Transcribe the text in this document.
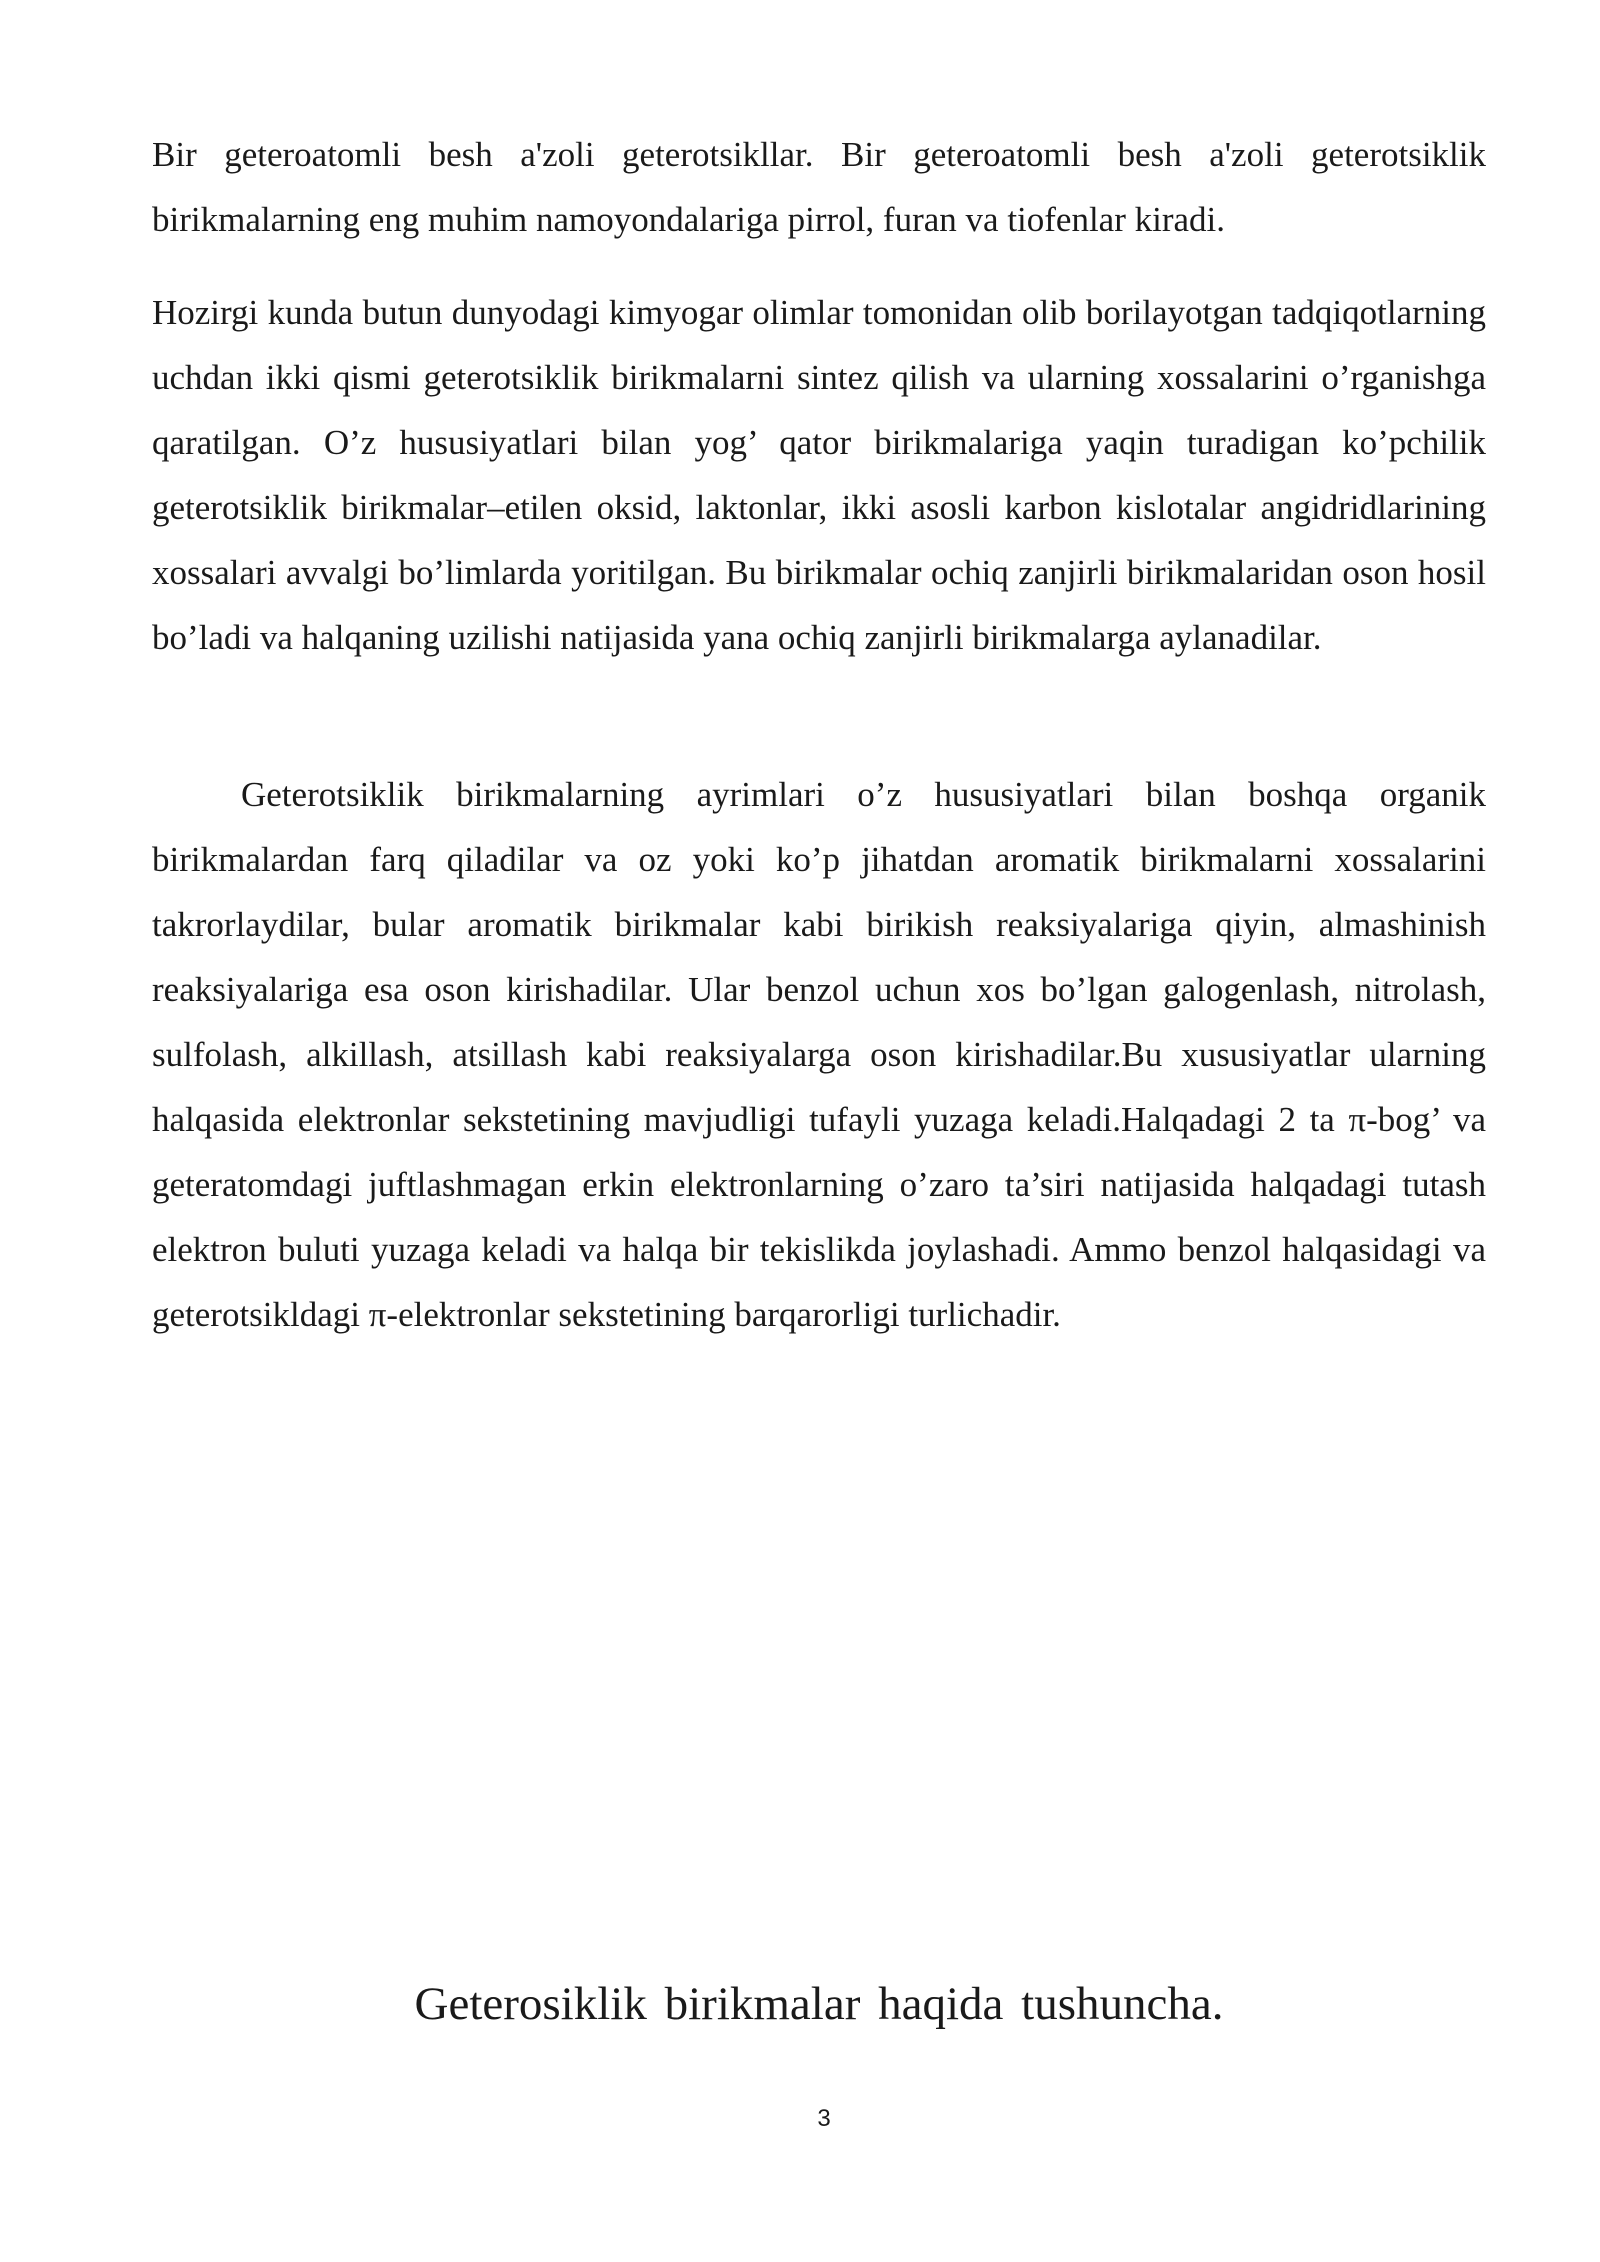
Bir geteroatomli besh a'zoli geterotsikllar. Bir geteroatomli besh a'zoli geterotsiklik birikmalarning eng muhim namoyondalariga pirrol, furan va tiofenlar kiradi.

Hozirgi kunda butun dunyodagi kimyogar olimlar tomonidan olib borilayotgan tadqiqotlarning uchdan ikki qismi geterotsiklik birikmalarni sintez qilish va ularning xossalarini o’rganishga qaratilgan. O’z hususiyatlari bilan yog’ qator birikmalariga yaqin turadigan ko’pchilik geterotsiklik birikmalar–etilen oksid, laktonlar, ikki asosli karbon kislotalar angidridlarining xossalari avvalgi bo’limlarda yoritilgan. Bu birikmalar ochiq zanjirli birikmalaridan oson hosil bo’ladi va halqaning uzilishi natijasida yana ochiq zanjirli birikmalarga aylanadilar.

Geterotsiklik birikmalarning ayrimlari o’z hususiyatlari bilan boshqa organik birikmalardan farq qiladilar va oz yoki ko’p jihatdan aromatik birikmalarni xossalarini takrorlaydilar, bular aromatik birikmalar kabi birikish reaksiyalariga qiyin, almashinish reaksiyalariga esa oson kirishadilar. Ular benzol uchun xos bo’lgan galogenlash, nitrolash, sulfolash, alkillash, atsillash kabi reaksiyalarga oson kirishadilar.Bu xususiyatlar ularning halqasida elektronlar sekstetining mavjudligi tufayli yuzaga keladi.Halqadagi 2 ta π-bog’ va geteratomdagi juftlashmagan erkin elektronlarning o’zaro ta’siri natijasida halqadagi tutash elektron buluti yuzaga keladi va halqa bir tekislikda joylashadi. Ammo benzol halqasidagi va geterotsikldagi π-elektronlar sekstetining barqarorligi turlichadir.

Geterosiklik birikmalar haqida tushuncha.
3
